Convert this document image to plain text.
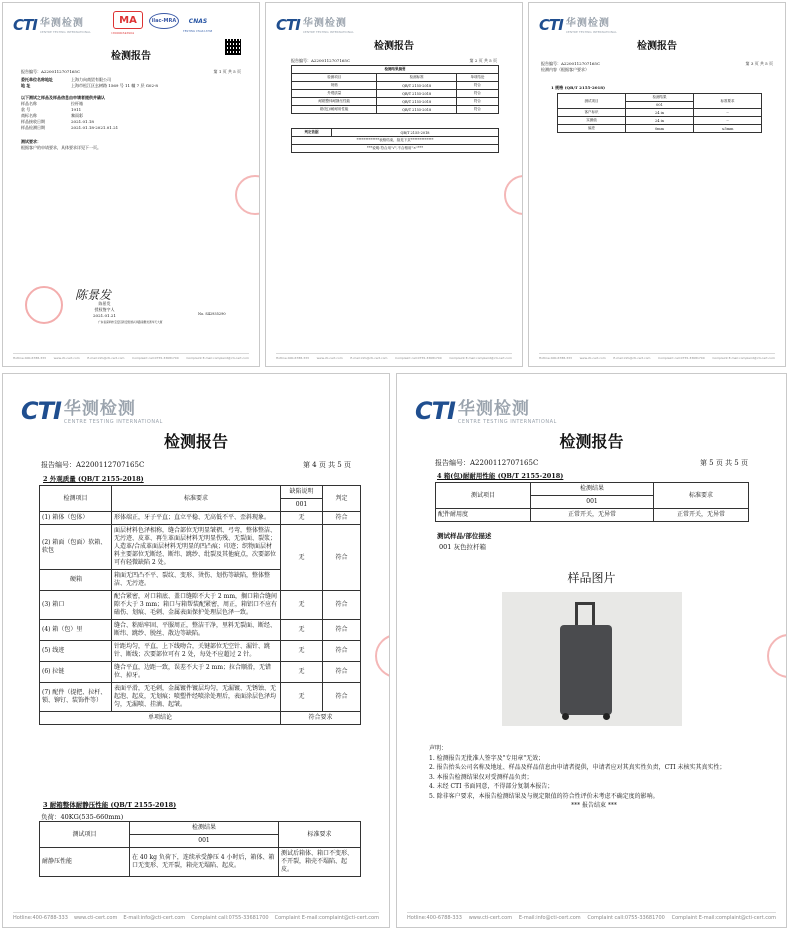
CTI 华测检测
CENTRE TESTING INTERNATIONAL
MA
180000343904
ilac-MRA CNAS
TESTING CNAS L6768
检测报告
报告编号：A2200112707165C	第 1 页 共 5 页
委托单位名称地址	上海力向商贸有限公司
地 址	上海市松江区玄树路 1569 号 11 幢 7 层 G02-8
以下测试之样品及样品信息由申请者提供并确认
样品名称	拉杆箱
款 号	1911
商标名称	黎雨彩
样品接收日期	2021.01.18
样品检测日期	2021.01.18-2021.01.21
测试要求：
根据客户的申请要求，具体要求详见下一页。
陈景发
陈景发
授权签字人
2021.01.21	No. S42935290
广东省深圳市宝安区新安街道兴华路南侧龙湾华天大厦
Hotline:400-6788-333	www.cti-cert.com	E-mail:info@cti-cert.com	Complaint call:0755-33681700	Complaint E-mail:complaint@cti-cert.com
CTI 华测检测
CENTRE TESTING INTERNATIONAL
检测报告
报告编号：A2200112707165C	第 2 页 共 5 页
检测结果摘要		
检测项目	检测标准	单项结论
规格	QB/T 2155-2018	符合
外观质量	QB/T 2155-2018	符合
耐箱整体耐静压性能	QB/T 2155-2018	符合
箱(包)/耐耐用性能	QB/T 2155-2018	符合
判定依据	QB/T 2155-2018
*************表格结束，续见下页*************
***说明:符合用"√",不合格用"×"***
Hotline:400-6788-333	www.cti-cert.com	E-mail:info@cti-cert.com	Complaint call:0755-33681700	Complaint E-mail:complaint@cti-cert.com
CTI 华测检测
CENTRE TESTING INTERNATIONAL
检测报告
报告编号：A2200112707165C	第 3 页 共 5 页
检测内容（根据客户要求）
1 规格 (QB/T 2155-2018)
测试项目	检测结果	标准要求
	001	
客户标识	24 in	--
实测值	24 in	--
偏差	0mm	≤5mm
Hotline:400-6788-333	www.cti-cert.com	E-mail:info@cti-cert.com	Complaint call:0755-33681700	Complaint E-mail:complaint@cti-cert.com
CTI 华测检测
CENTRE TESTING INTERNATIONAL
检测报告
报告编号：A2200112707165C	第 4 页 共 5 页
2 外观质量 (QB/T 2155-2018)
检测项目	标准要求	缺陷说明	判定
		001	
(1) 箱体（包体）	形体端正，牙子平直；直立平稳、无高低不平、歪斜现象。	无	符合
(2) 箱面（包面）软箱、软包	面层材料色泽相称，缝合部位无明显皱褶、弓弯，整体整洁、无污迹、皮革、再生革面层材料无明显伤残、无裂面、裂浆；人造革/合成革面层材料无明显的凹凸痕；印迹；织物面层材料主要部位无断经、断纬、跳纱、纰裂及其他疵点，次要部位可有轻微缺陷 2 处。	无	符合
硬箱	箱面无凹凸不平、裂纹、变形、烫伤、划伤等缺陷，整体整洁、无污迹。		
(3) 箱口	配合紧密，对口箱底、盖口缝隙不大于 2 mm，搁口箱合缝间隙不大于 3 mm；箱口与箱帮装配紧密，周正，箱铝口不应有磕伤、划痕、毛刺、金属表面保护处理层色泽一致。	无	符合
(4) 箱（包）里	缝合、粘贴牢固、平服周正，整洁干净，里料无裂面、断经、断纬、跳纱、脱丝、散边等缺陷。	无	符合
(5) 线迹	针距均匀，平直，上下线吻合，关键部位无空针、漏针、跳针、断线；次要部位可有 2 处，每处不应超过 2 针。	无	符合
(6) 拉链	缝合平直，边距一致，误差不大于 2 mm；拉合顺滑，无错位、掉牙。	无	符合
(7) 配件（提把、拉杆、锁、铆钉、装饰件等）	表面平滑，无毛刺，金属镀件镀层均匀，无漏镀、无锈蚀、无起泡、起皮，无划痕；喷塑件经喷涂处理后，表面涂层色泽均匀，无漏喷、挂滴、起皱。	无	符合
单项结论		符合要求	
3 耐箱整体耐静压性能 (QB/T 2155-2018)
负荷：40KG(535-660mm)
测试项目	检测结果	标准要求
	001	
耐静压性能	在 40 kg 负荷下，连续承受静压 4 小时后，箱体、箱口无变形、无开裂，箱壳无塌陷、起皮。	测试后箱体、箱口不变形、不开裂，箱壳不塌陷、起皮。
Hotline:400-6788-333 www.cti-cert.com E-mail:info@cti-cert.com Complaint call:0755-33681700 Complaint E-mail:complaint@cti-cert.com
CTI 华测检测
CENTRE TESTING INTERNATIONAL
检测报告
报告编号：A2200112707165C	第 5 页 共 5 页
4 箱(包)耐耐用性能 (QB/T 2155-2018)
测试项目	检测结果	标准要求
	001	
配件耐用度	正常开关，无异常	正常开关，无异常
测试样品/部位描述
001 灰色拉杆箱
样品图片
声明：
1. 检测报告无批准人签字及"专用章"无效；
2. 报告抬头公司名称及地址、样品及样品信息由申请者提供，申请者应对其真实性负责，CTI 未核实其真实性；
3. 本报告检测结果仅对受测样品负责；
4. 未经 CTI 书面同意，不得部分复制本报告；
5. 除非客户要求，本报告检测结果及与规定限值的符合性评价未考虑不确定度的影响。
*** 报告结束 ***
Hotline:400-6788-333 www.cti-cert.com E-mail:info@cti-cert.com Complaint call:0755-33681700 Complaint E-mail:complaint@cti-cert.com
